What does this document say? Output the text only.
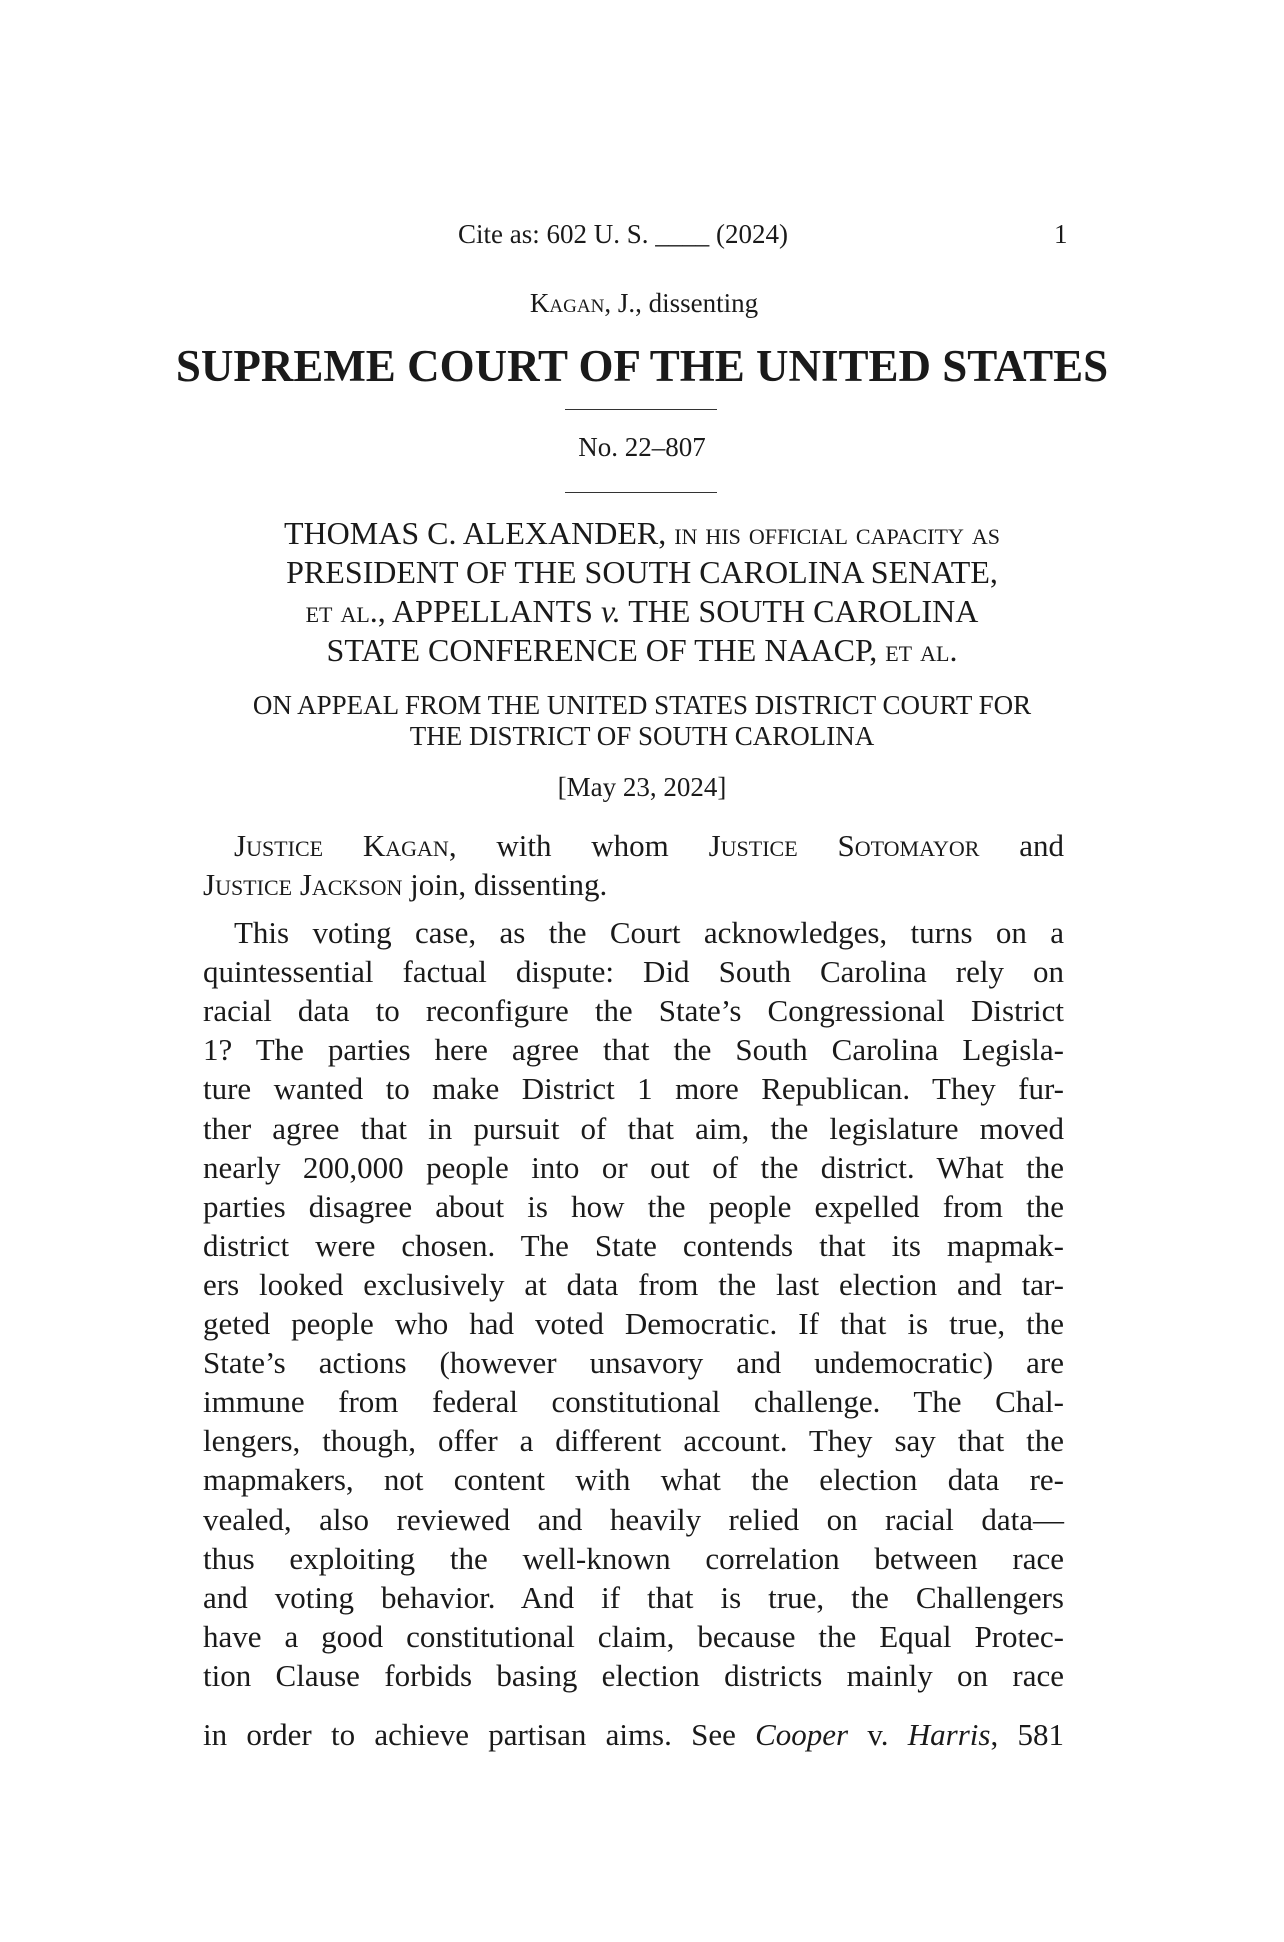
Cite as: 602 U. S. ____ (2024)	1
Kagan, J., dissenting
SUPREME COURT OF THE UNITED STATES
No. 22–807
THOMAS C. ALEXANDER, in his official capacity as
PRESIDENT OF THE SOUTH CAROLINA SENATE,
et al., APPELLANTS v. THE SOUTH CAROLINA
STATE CONFERENCE OF THE NAACP, et al.
ON APPEAL FROM THE UNITED STATES DISTRICT COURT FOR
THE DISTRICT OF SOUTH CAROLINA
[May 23, 2024]
Justice Kagan, with whom Justice Sotomayor and
Justice Jackson join, dissenting.
This voting case, as the Court acknowledges, turns on a
quintessential factual dispute: Did South Carolina rely on
racial data to reconfigure the State’s Congressional District
1? The parties here agree that the South Carolina Legisla-
ture wanted to make District 1 more Republican. They fur-
ther agree that in pursuit of that aim, the legislature moved
nearly 200,000 people into or out of the district. What the
parties disagree about is how the people expelled from the
district were chosen. The State contends that its mapmak-
ers looked exclusively at data from the last election and tar-
geted people who had voted Democratic. If that is true, the
State’s actions (however unsavory and undemocratic) are
immune from federal constitutional challenge. The Chal-
lengers, though, offer a different account. They say that the
mapmakers, not content with what the election data re-
vealed, also reviewed and heavily relied on racial data—
thus exploiting the well-known correlation between race
and voting behavior. And if that is true, the Challengers
have a good constitutional claim, because the Equal Protec-
tion Clause forbids basing election districts mainly on race
in order to achieve partisan aims. See Cooper v. Harris, 581
